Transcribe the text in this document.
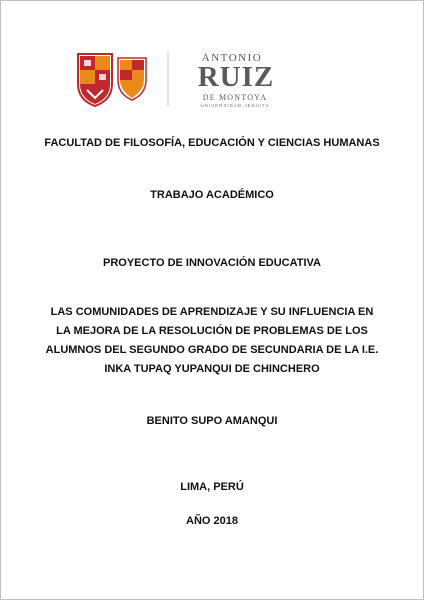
ANTONIO
RUIZ
DE MONTOYA
UNIVERSIDAD JESUITA
FACULTAD DE FILOSOFÍA, EDUCACIÓN Y CIENCIAS HUMANAS
TRABAJO ACADÉMICO
PROYECTO DE INNOVACIÓN EDUCATIVA
LAS COMUNIDADES DE APRENDIZAJE Y SU INFLUENCIA EN
LA MEJORA DE LA RESOLUCIÓN DE PROBLEMAS DE LOS
ALUMNOS DEL SEGUNDO GRADO DE SECUNDARIA DE LA I.E.
INKA TUPAQ YUPANQUI DE CHINCHERO
BENITO SUPO AMANQUI
LIMA, PERÚ
AÑO 2018
